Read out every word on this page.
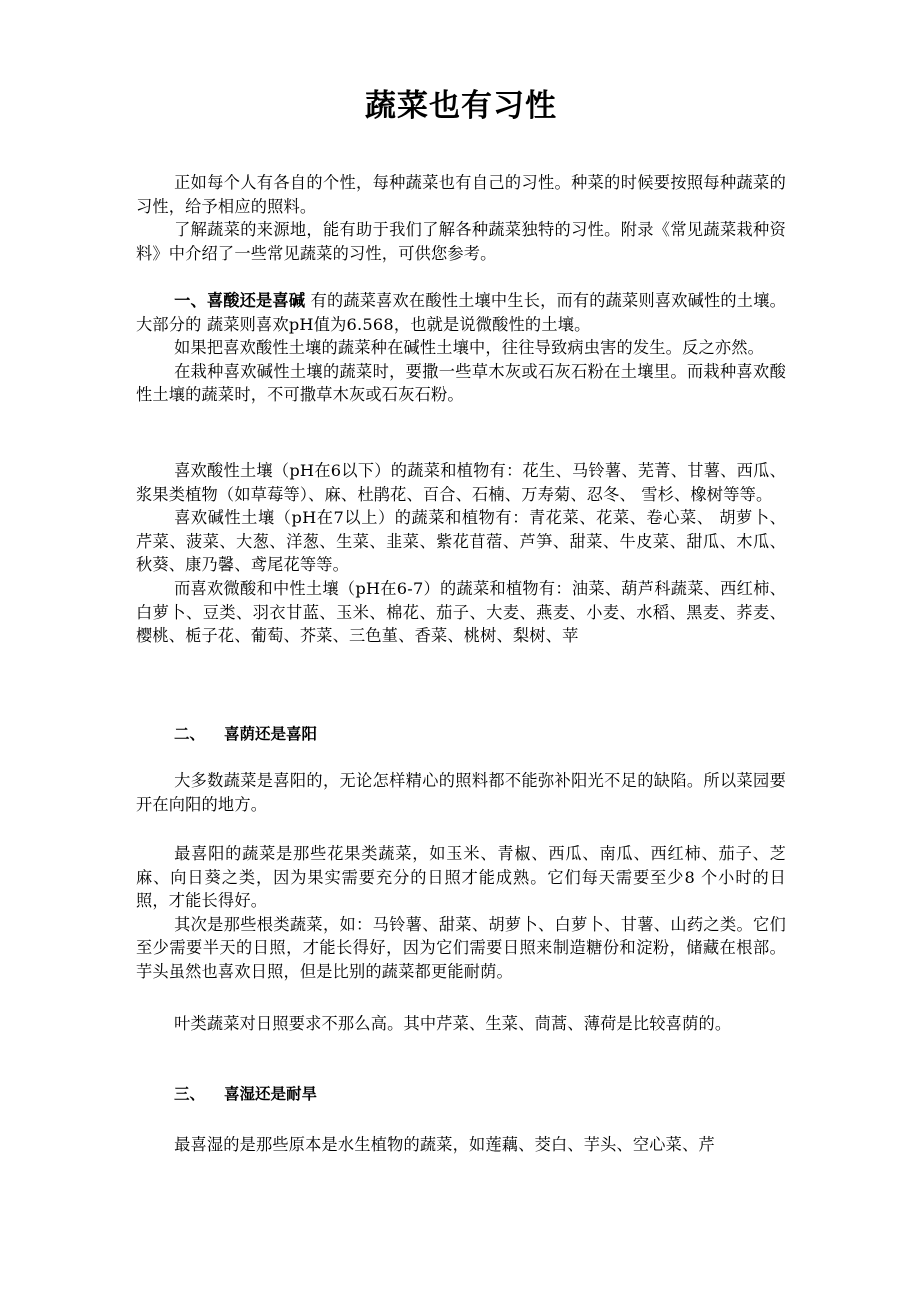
蔬菜也有习性

正如每个人有各自的个性，每种蔬菜也有自己的习性。种菜的时候要按照每种蔬菜的习性，给予相应的照料。

了解蔬菜的来源地，能有助于我们了解各种蔬菜独特的习性。附录《常见蔬菜栽种资料》中介绍了一些常见蔬菜的习性，可供您参考。

一、喜酸还是喜碱 有的蔬菜喜欢在酸性土壤中生长，而有的蔬菜则喜欢碱性的土壤。大部分的 蔬菜则喜欢pH值为6.568，也就是说微酸性的土壤。

如果把喜欢酸性土壤的蔬菜种在碱性土壤中，往往导致病虫害的发生。反之亦然。

在栽种喜欢碱性土壤的蔬菜时，要撒一些草木灰或石灰石粉在土壤里。而栽种喜欢酸性土壤的蔬菜时，不可撒草木灰或石灰石粉。

喜欢酸性土壤（pH在6以下）的蔬菜和植物有：花生、马铃薯、芜菁、甘薯、西瓜、浆果类植物（如草莓等）、麻、杜鹃花、百合、石楠、万寿菊、忍冬、 雪杉、橡树等等。

喜欢碱性土壤（pH在7以上）的蔬菜和植物有：青花菜、花菜、卷心菜、 胡萝卜、芹菜、菠菜、大葱、洋葱、生菜、韭菜、紫花苜蓿、芦笋、甜菜、牛皮菜、甜瓜、木瓜、秋葵、康乃馨、鸢尾花等等。

而喜欢微酸和中性土壤（pH在6-7）的蔬菜和植物有：油菜、葫芦科蔬菜、西红柿、白萝卜、豆类、羽衣甘蓝、玉米、棉花、茄子、大麦、燕麦、小麦、水稻、黑麦、荞麦、樱桃、栀子花、葡萄、芥菜、三色堇、香菜、桃树、梨树、苹

二、 喜荫还是喜阳

大多数蔬菜是喜阳的，无论怎样精心的照料都不能弥补阳光不足的缺陷。所以菜园要开在向阳的地方。

最喜阳的蔬菜是那些花果类蔬菜，如玉米、青椒、西瓜、南瓜、西红柿、茄子、芝麻、向日葵之类，因为果实需要充分的日照才能成熟。它们每天需要至少8 个小时的日照，才能长得好。

其次是那些根类蔬菜，如：马铃薯、甜菜、胡萝卜、白萝卜、甘薯、山药之类。它们至少需要半天的日照，才能长得好，因为它们需要日照来制造糖份和淀粉，储藏在根部。芋头虽然也喜欢日照，但是比别的蔬菜都更能耐荫。

叶类蔬菜对日照要求不那么高。其中芹菜、生菜、茼蒿、薄荷是比较喜荫的。

三、 喜湿还是耐旱

最喜湿的是那些原本是水生植物的蔬菜，如莲藕、茭白、芋头、空心菜、芹
